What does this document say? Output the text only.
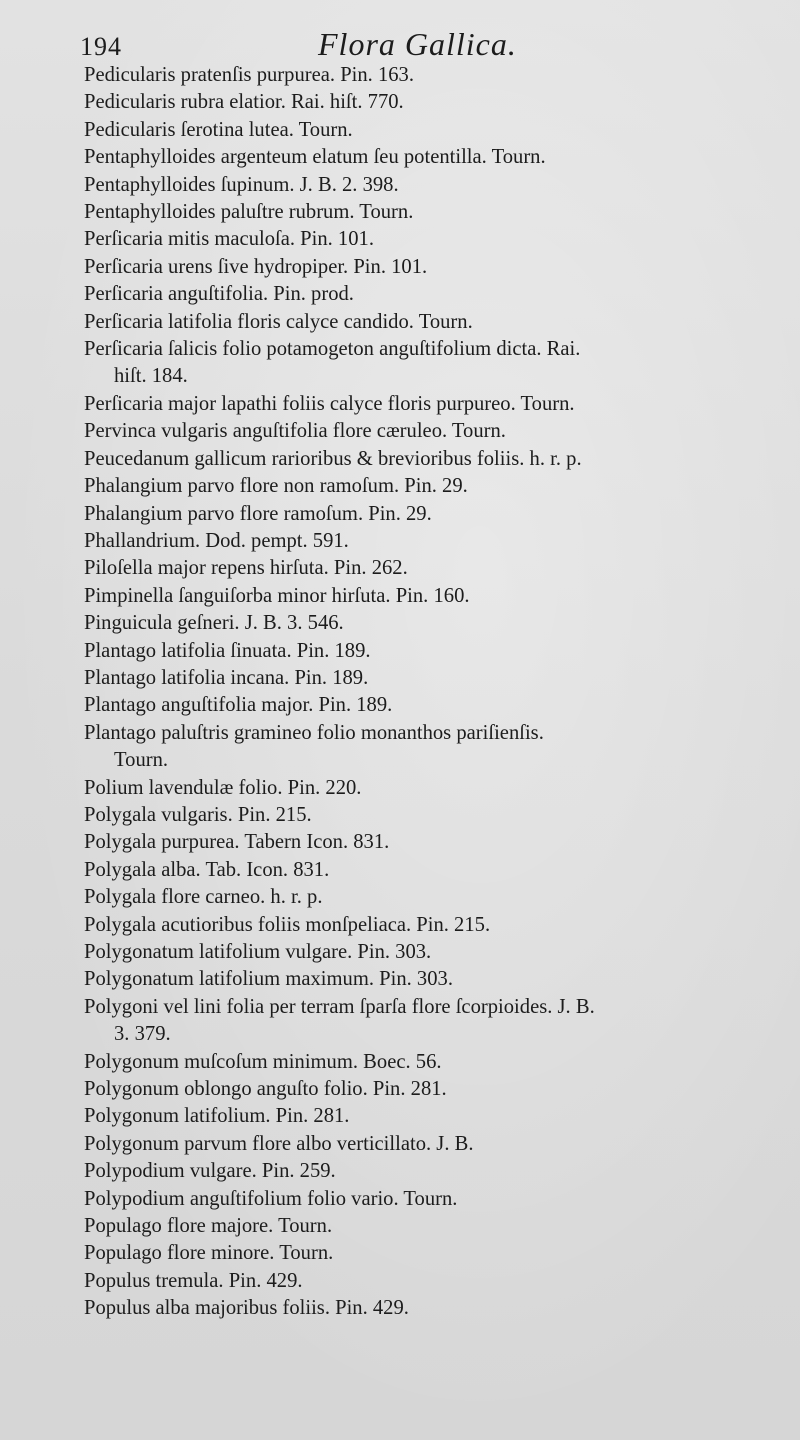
194	Flora Gallica.
Pedicularis pratenſis purpurea. Pin. 163.
Pedicularis rubra elatior. Rai. hiſt. 770.
Pedicularis ſerotina lutea. Tourn.
Pentaphylloides argenteum elatum ſeu potentilla. Tourn.
Pentaphylloides ſupinum. J. B. 2. 398.
Pentaphylloides paluſtre rubrum. Tourn.
Perſicaria mitis maculoſa. Pin. 101.
Perſicaria urens ſive hydropiper. Pin. 101.
Perſicaria anguſtifolia. Pin. prod.
Perſicaria latifolia floris calyce candido. Tourn.
Perſicaria ſalicis folio potamogeton anguſtifolium dicta. Rai.
hiſt. 184.
Perſicaria major lapathi foliis calyce floris purpureo. Tourn.
Pervinca vulgaris anguſtifolia flore cæruleo. Tourn.
Peucedanum gallicum rarioribus & brevioribus foliis. h. r. p.
Phalangium parvo flore non ramoſum. Pin. 29.
Phalangium parvo flore ramoſum. Pin. 29.
Phallandrium. Dod. pempt. 591.
Piloſella major repens hirſuta. Pin. 262.
Pimpinella ſanguiſorba minor hirſuta. Pin. 160.
Pinguicula geſneri. J. B. 3. 546.
Plantago latifolia ſinuata. Pin. 189.
Plantago latifolia incana. Pin. 189.
Plantago anguſtifolia major. Pin. 189.
Plantago paluſtris gramineo folio monanthos pariſienſis.
Tourn.
Polium lavendulæ folio. Pin. 220.
Polygala vulgaris. Pin. 215.
Polygala purpurea. Tabern Icon. 831.
Polygala alba. Tab. Icon. 831.
Polygala flore carneo. h. r. p.
Polygala acutioribus foliis monſpeliaca. Pin. 215.
Polygonatum latifolium vulgare. Pin. 303.
Polygonatum latifolium maximum. Pin. 303.
Polygoni vel lini folia per terram ſparſa flore ſcorpioides. J. B.
3. 379.
Polygonum muſcoſum minimum. Boec. 56.
Polygonum oblongo anguſto folio. Pin. 281.
Polygonum latifolium. Pin. 281.
Polygonum parvum flore albo verticillato. J. B.
Polypodium vulgare. Pin. 259.
Polypodium anguſtifolium folio vario. Tourn.
Populago flore majore. Tourn.
Populago flore minore. Tourn.
Populus tremula. Pin. 429.
Populus alba majoribus foliis. Pin. 429.
